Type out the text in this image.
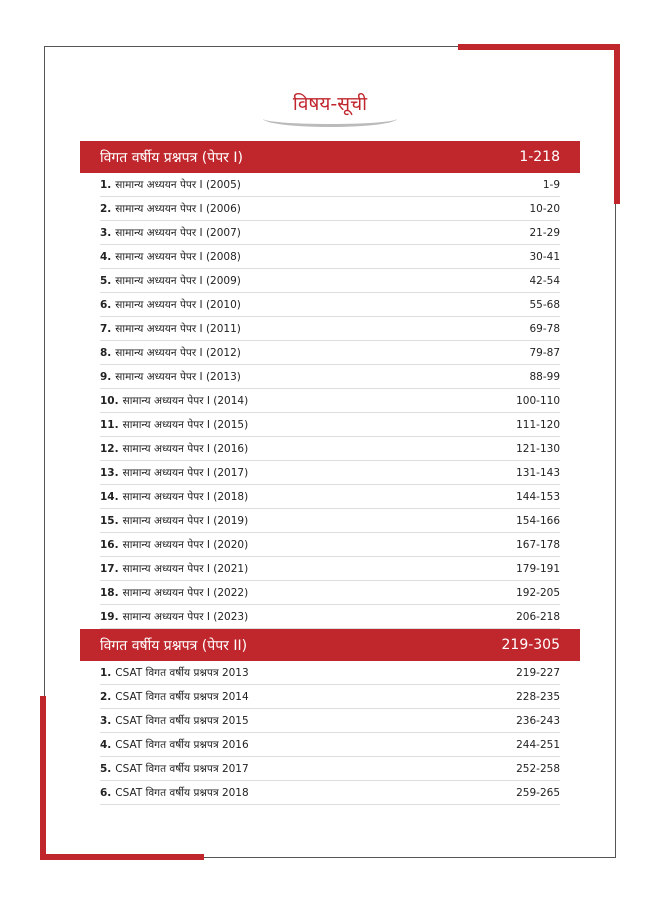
विषय-सूची
विगत वर्षीय प्रश्नपत्र (पेपर I)	1-218
1. सामान्य अध्ययन पेपर I (2005)	1-9
2. सामान्य अध्ययन पेपर I (2006)	10-20
3. सामान्य अध्ययन पेपर I (2007)	21-29
4. सामान्य अध्ययन पेपर I (2008)	30-41
5. सामान्य अध्ययन पेपर I (2009)	42-54
6. सामान्य अध्ययन पेपर I (2010)	55-68
7. सामान्य अध्ययन पेपर I (2011)	69-78
8. सामान्य अध्ययन पेपर I (2012)	79-87
9. सामान्य अध्ययन पेपर I (2013)	88-99
10. सामान्य अध्ययन पेपर I (2014)	100-110
11. सामान्य अध्ययन पेपर I (2015)	111-120
12. सामान्य अध्ययन पेपर I (2016)	121-130
13. सामान्य अध्ययन पेपर I (2017)	131-143
14. सामान्य अध्ययन पेपर I (2018)	144-153
15. सामान्य अध्ययन पेपर I (2019)	154-166
16. सामान्य अध्ययन पेपर I (2020)	167-178
17. सामान्य अध्ययन पेपर I (2021)	179-191
18. सामान्य अध्ययन पेपर I (2022)	192-205
19. सामान्य अध्ययन पेपर I (2023)	206-218
विगत वर्षीय प्रश्नपत्र (पेपर II)	219-305
1. CSAT विगत वर्षीय प्रश्नपत्र 2013	219-227
2. CSAT विगत वर्षीय प्रश्नपत्र 2014	228-235
3. CSAT विगत वर्षीय प्रश्नपत्र 2015	236-243
4. CSAT विगत वर्षीय प्रश्नपत्र 2016	244-251
5. CSAT विगत वर्षीय प्रश्नपत्र 2017	252-258
6. CSAT विगत वर्षीय प्रश्नपत्र 2018	259-265
